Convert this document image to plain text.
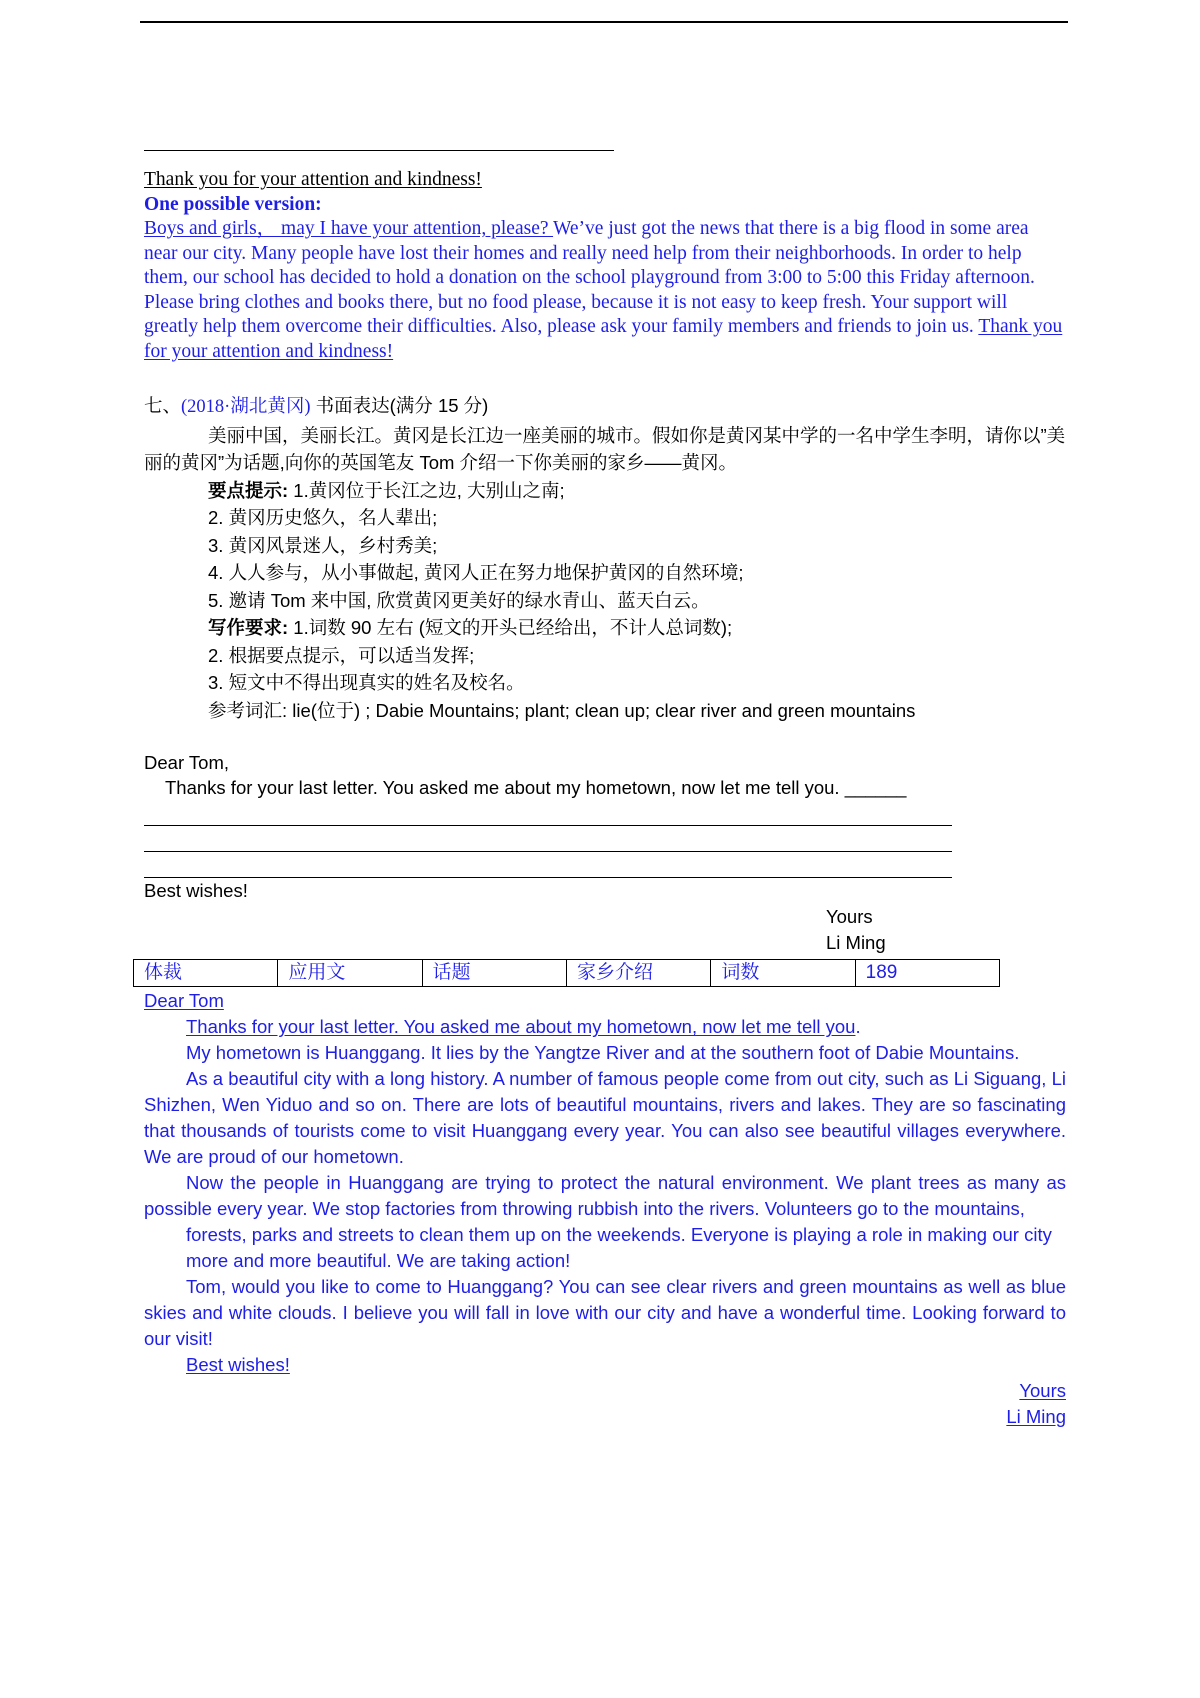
Thank you for your attention and kindness!

One possible version:

Boys and girls， may I have your attention, please? We’ve just got the news that there is a big flood in some area near our city. Many people have lost their homes and really need help from their neighborhoods. In order to help them, our school has decided to hold a donation on the school playground from 3:00 to 5:00 this Friday afternoon. Please bring clothes and books there, but no food please, because it is not easy to keep fresh. Your support will greatly help them overcome their difficulties. Also, please ask your family members and friends to join us. Thank you for your attention and kindness!

七、(2018·湖北黄冈) 书面表达(满分 15 分)

美丽中国，美丽长江。黄冈是长江边一座美丽的城市。假如你是黄冈某中学的一名中学生李明，请你以”美丽的黄冈”为话题,向你的英国笔友 Tom 介绍一下你美丽的家乡——黄冈。

要点提示: 1.黄冈位于长江之边, 大别山之南;

2. 黄冈历史悠久，名人辈出;

3. 黄冈风景迷人，乡村秀美;

4. 人人参与，从小事做起, 黄冈人正在努力地保护黄冈的自然环境;

5. 邀请 Tom 来中国, 欣赏黄冈更美好的绿水青山、蓝天白云。

写作要求: 1.词数 90 左右 (短文的开头已经给出，不计人总词数);

2. 根据要点提示，可以适当发挥;

3. 短文中不得出现真实的姓名及校名。

参考词汇: lie(位于) ; Dabie Mountains; plant; clean up; clear river and green mountains

Dear Tom,
Thanks for your last letter. You asked me about my hometown, now let me tell you. ______
Best wishes!
Yours
Li Ming
体裁	应用文	话题	家乡介绍	词数	189

Dear Tom

Thanks for your last letter. You asked me about my hometown, now let me tell you.

My hometown is Huanggang. It lies by the Yangtze River and at the southern foot of Dabie Mountains.

As a beautiful city with a long history. A number of famous people come from out city, such as Li Siguang, Li Shizhen, Wen Yiduo and so on. There are lots of beautiful mountains, rivers and lakes. They are so fascinating that thousands of tourists come to visit Huanggang every year. You can also see beautiful villages everywhere. We are proud of our hometown.

Now the people in Huanggang are trying to protect the natural environment. We plant trees as many as possible every year. We stop factories from throwing rubbish into the rivers. Volunteers go to the mountains,

forests, parks and streets to clean them up on the weekends. Everyone is playing a role in making our city

more and more beautiful. We are taking action!

Tom, would you like to come to Huanggang? You can see clear rivers and green mountains as well as blue skies and white clouds. I believe you will fall in love with our city and have a wonderful time. Looking forward to our visit!

Best wishes!

Yours

Li Ming
